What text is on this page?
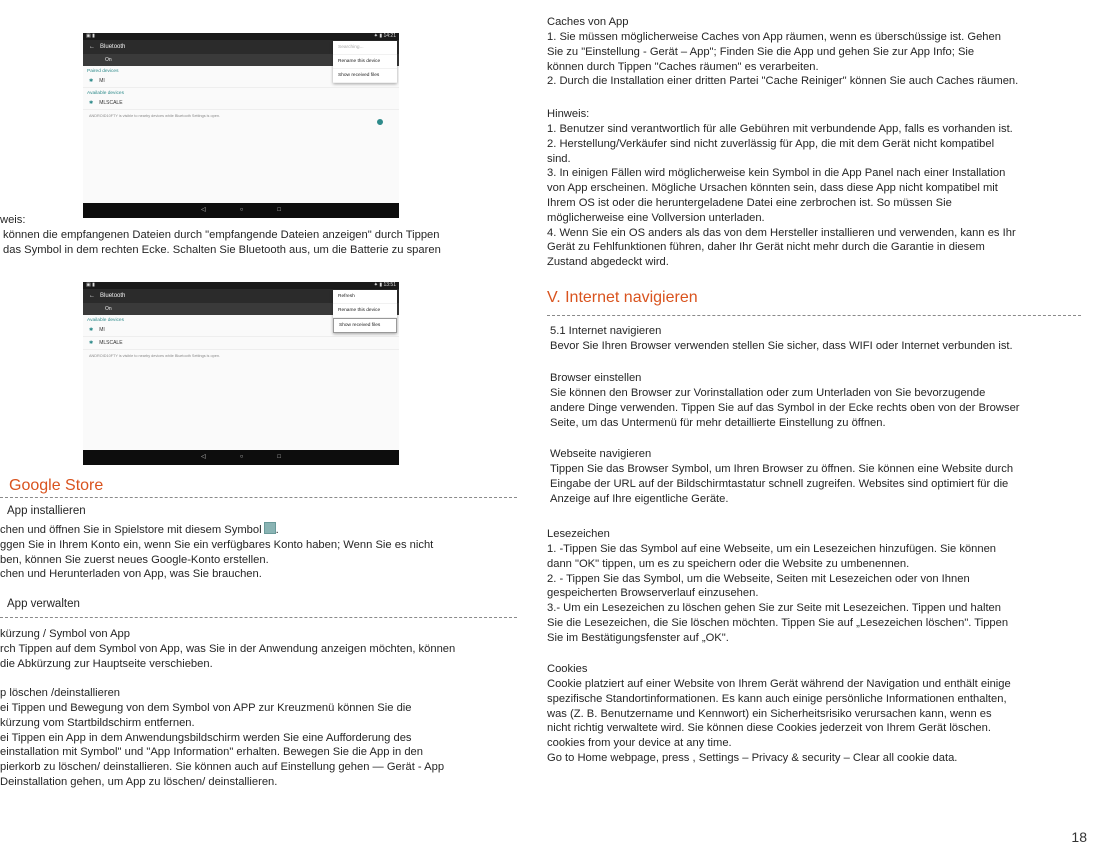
▣ ▮	⁕ ▮ 14:21
←   Bluetooth
On
Paired devices
✱ MI
Available devices
✱ MLSCALE
ANDROID10FTY is visible to nearby devices while Bluetooth Settings is open.
Searching...
Rename this device
Show received files
◁	○	□
weis:
können die empfangenen Dateien durch "empfangende Dateien anzeigen" durch Tippen
das Symbol in dem rechten Ecke. Schalten Sie Bluetooth aus, um die Batterie zu sparen
▣ ▮	⁕ ▮ 13:51
←   Bluetooth
On
Available devices
✱ MI
✱ MLSCALE
ANDROID10FTY is visible to nearby devices while Bluetooth Settings is open.
Refresh
Rename this device
Show received files
◁	○	□
Google Store
App installieren
chen und öffnen Sie in Spielstore mit diesem Symbol .
ggen Sie in Ihrem Konto ein, wenn Sie ein verfügbares Konto haben; Wenn Sie es nicht
ben, können Sie zuerst neues Google-Konto erstellen.
chen und Herunterladen von App, was Sie brauchen.
App verwalten
kürzung / Symbol von App
rch Tippen auf dem Symbol von App, was Sie in der Anwendung anzeigen möchten, können
die Abkürzung zur Hauptseite verschieben.
p löschen /deinstallieren
ei Tippen und Bewegung von dem Symbol von APP zur Kreuzmenü können Sie die
kürzung vom Startbildschirm entfernen.
ei Tippen ein App in dem Anwendungsbildschirm werden Sie eine Aufforderung des
einstallation mit Symbol" und "App Information" erhalten. Bewegen Sie die App in den
pierkorb zu löschen/ deinstallieren. Sie können auch auf Einstellung gehen — Gerät - App
Deinstallation gehen, um App zu löschen/ deinstallieren.
Caches von App
1. Sie müssen möglicherweise Caches von App räumen, wenn es überschüssige ist. Gehen
Sie zu "Einstellung - Gerät – App"; Finden Sie die App und gehen Sie zur App Info; Sie
können durch Tippen "Caches räumen" es verarbeiten.
2. Durch die Installation einer dritten Partei "Cache Reiniger" können Sie auch Caches räumen.
Hinweis:
1. Benutzer sind verantwortlich für alle Gebühren mit verbundende App, falls es vorhanden ist.
2. Herstellung/Verkäufer sind nicht zuverlässig für App, die mit dem Gerät nicht kompatibel
sind.
3. In einigen Fällen wird möglicherweise kein Symbol in die App Panel nach einer Installation
von App erscheinen. Mögliche Ursachen könnten sein, dass diese App nicht kompatibel mit
Ihrem OS ist oder die heruntergeladene Datei eine zerbrochen ist. So müssen Sie
möglicherweise eine Vollversion unterladen.
4. Wenn Sie ein OS anders als das von dem Hersteller installieren und verwenden, kann es Ihr
Gerät zu Fehlfunktionen führen, daher Ihr Gerät nicht mehr durch die Garantie in diesem
Zustand abgedeckt wird.
V. Internet navigieren
5.1 Internet navigieren
Bevor Sie Ihren Browser verwenden stellen Sie sicher, dass WIFI oder Internet verbunden ist.
Browser einstellen
Sie können den Browser zur Vorinstallation oder zum Unterladen von Sie bevorzugende
andere Dinge verwenden. Tippen Sie auf das Symbol in der Ecke rechts oben von der Browser
Seite, um das Untermenü für mehr detaillierte Einstellung zu öffnen.
Webseite navigieren
Tippen Sie das Browser Symbol, um Ihren Browser zu öffnen. Sie können eine Website durch
Eingabe der URL auf der Bildschirmtastatur schnell zugreifen. Websites sind optimiert für die
Anzeige auf Ihre eigentliche Geräte.
Lesezeichen
1. -Tippen Sie das Symbol auf eine Webseite, um ein Lesezeichen hinzufügen. Sie können
dann "OK" tippen, um es zu speichern oder die Website zu umbenennen.
2. - Tippen Sie das Symbol, um die Webseite, Seiten mit Lesezeichen oder von Ihnen
gespeicherten Browserverlauf einzusehen.
3.- Um ein Lesezeichen zu löschen gehen Sie zur Seite mit Lesezeichen. Tippen und halten
Sie die Lesezeichen, die Sie löschen möchten. Tippen Sie auf „Lesezeichen löschen". Tippen
Sie im Bestätigungsfenster auf „OK".
Cookies
Cookie platziert auf einer Website von Ihrem Gerät während der Navigation und enthält einige
spezifische Standortinformationen. Es kann auch einige persönliche Informationen enthalten,
was (Z. B. Benutzername und Kennwort) ein Sicherheitsrisiko verursachen kann, wenn es
nicht richtig verwaltete wird. Sie können diese Cookies jederzeit von Ihrem Gerät löschen.
cookies from your device at any time.
Go to Home webpage, press , Settings – Privacy & security – Clear all cookie data.
18
